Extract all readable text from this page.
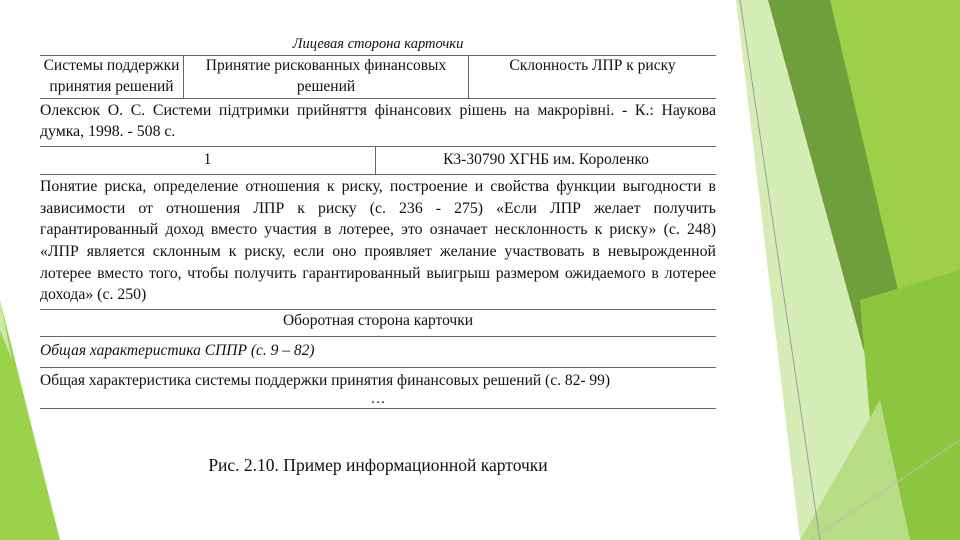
Лицевая сторона карточки
Системы поддержки принятия решений
Принятие рискованных финансовых решений
Склонность ЛПР к риску
Олексюк О. С. Системи підтримки прийняття фінансових рішень на макрорівні. - К.: Наукова думка, 1998. - 508 с.
1	К3-30790 ХГНБ им. Короленко
Понятие риска, определение отношения к риску, построение и свойства функции выгодности в зависимости от отношения ЛПР к риску (с. 236 - 275) «Если ЛПР желает получить гарантированный доход вместо участия в лотерее, это означает несклонность к риску» (с. 248) «ЛПР является склонным к риску, если оно проявляет желание участвовать в невырожденной лотерее вместо того, чтобы получить гарантированный выигрыш размером ожидаемого в лотерее дохода» (с. 250)
Оборотная сторона карточки
Общая характеристика СППР (с. 9 – 82)
Общая характеристика системы поддержки принятия финансовых решений (с. 82- 99)
…
Рис. 2.10. Пример информационной карточки
